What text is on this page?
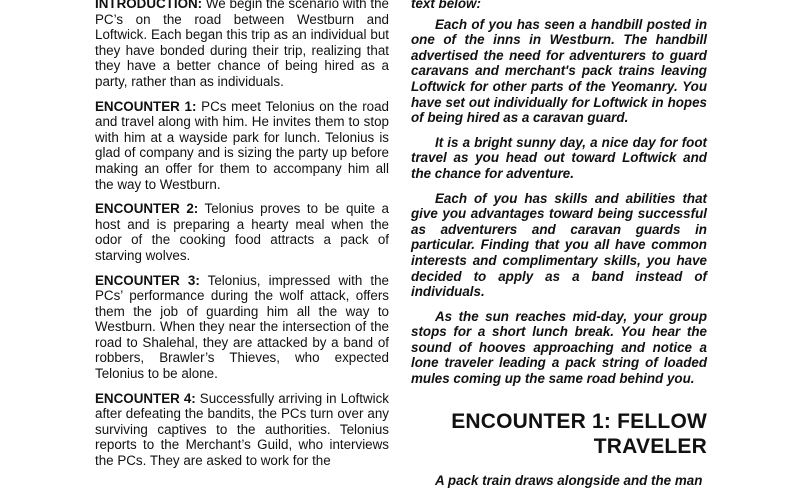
INTRODUCTION: We begin the scenario with the PC’s on the road between Westburn and Loftwick. Each began this trip as an individual but they have bonded during their trip, realizing that they have a better chance of being hired as a party, rather than as individuals.

ENCOUNTER 1: PCs meet Telonius on the road and travel along with him. He invites them to stop with him at a wayside park for lunch. Telonius is glad of company and is sizing the party up before making an offer for them to accompany him all the way to Westburn.

ENCOUNTER 2: Telonius proves to be quite a host and is preparing a hearty meal when the odor of the cooking food attracts a pack of starving wolves.

ENCOUNTER 3: Telonius, impressed with the PCs’ performance during the wolf attack, offers them the job of guarding him all the way to Westburn. When they near the intersection of the road to Shalehal, they are attacked by a band of robbers, Brawler’s Thieves, who expected Telonius to be alone.

ENCOUNTER 4: Successfully arriving in Loftwick after defeating the bandits, the PCs turn over any surviving captives to the authorities. Telonius reports to the Merchant’s Guild, who interviews the PCs. They are asked to work for the

text below:

Each of you has seen a handbill posted in one of the inns in Westburn. The handbill advertised the need for adventurers to guard caravans and merchant's pack trains leaving Loftwick for other parts of the Yeomanry. You have set out individually for Loftwick in hopes of being hired as a caravan guard.

It is a bright sunny day, a nice day for foot travel as you head out toward Loftwick and the chance for adventure.

Each of you has skills and abilities that give you advantages toward being successful as adventurers and caravan guards in particular. Finding that you all have common interests and complimentary skills, you have decided to apply as a band instead of individuals.

As the sun reaches mid-day, your group stops for a short lunch break. You hear the sound of hooves approaching and notice a lone traveler leading a pack string of loaded mules coming up the same road behind you.

ENCOUNTER 1: FELLOW
TRAVELER

A pack train draws alongside and the man
